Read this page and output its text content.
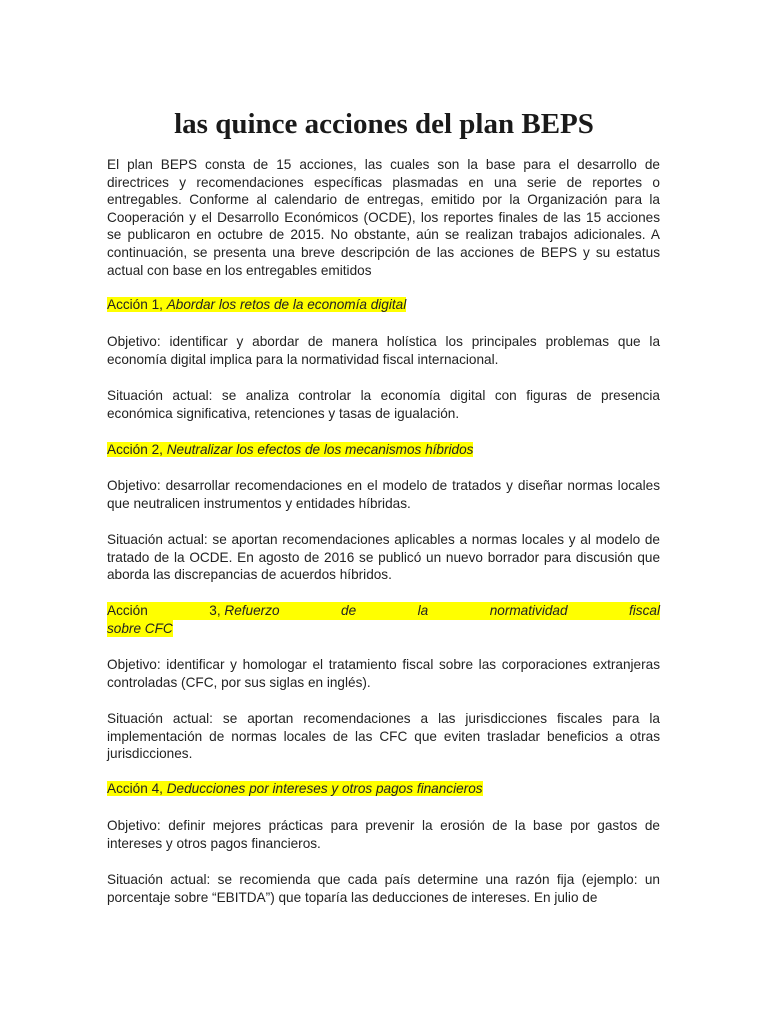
las quince acciones del plan BEPS

El plan BEPS consta de 15 acciones, las cuales son la base para el desarrollo de directrices y recomendaciones específicas plasmadas en una serie de reportes o entregables. Conforme al calendario de entregas, emitido por la Organización para la Cooperación y el Desarrollo Económicos (OCDE), los reportes finales de las 15 acciones se publicaron en octubre de 2015. No obstante, aún se realizan trabajos adicionales. A continuación, se presenta una breve descripción de las acciones de BEPS y su estatus actual con base en los entregables emitidos

Acción 1, Abordar los retos de la economía digital

Objetivo: identificar y abordar de manera holística los principales problemas que la economía digital implica para la normatividad fiscal internacional.

Situación actual: se analiza controlar la economía digital con figuras de presencia económica significativa, retenciones y tasas de igualación.

Acción 2, Neutralizar los efectos de los mecanismos híbridos

Objetivo: desarrollar recomendaciones en el modelo de tratados y diseñar normas locales que neutralicen instrumentos y entidades híbridas.

Situación actual: se aportan recomendaciones aplicables a normas locales y al modelo de tratado de la OCDE. En agosto de 2016 se publicó un nuevo borrador para discusión que aborda las discrepancias de acuerdos híbridos.

Acción	3, Refuerzo	de	la	normatividad	fiscal
sobre CFC

Objetivo: identificar y homologar el tratamiento fiscal sobre las corporaciones extranjeras controladas (CFC, por sus siglas en inglés).

Situación actual: se aportan recomendaciones a las jurisdicciones fiscales para la implementación de normas locales de las CFC que eviten trasladar beneficios a otras jurisdicciones.

Acción 4, Deducciones por intereses y otros pagos financieros

Objetivo: definir mejores prácticas para prevenir la erosión de la base por gastos de intereses y otros pagos financieros.

Situación actual: se recomienda que cada país determine una razón fija (ejemplo: un porcentaje sobre “EBITDA”) que toparía las deducciones de intereses. En julio de
